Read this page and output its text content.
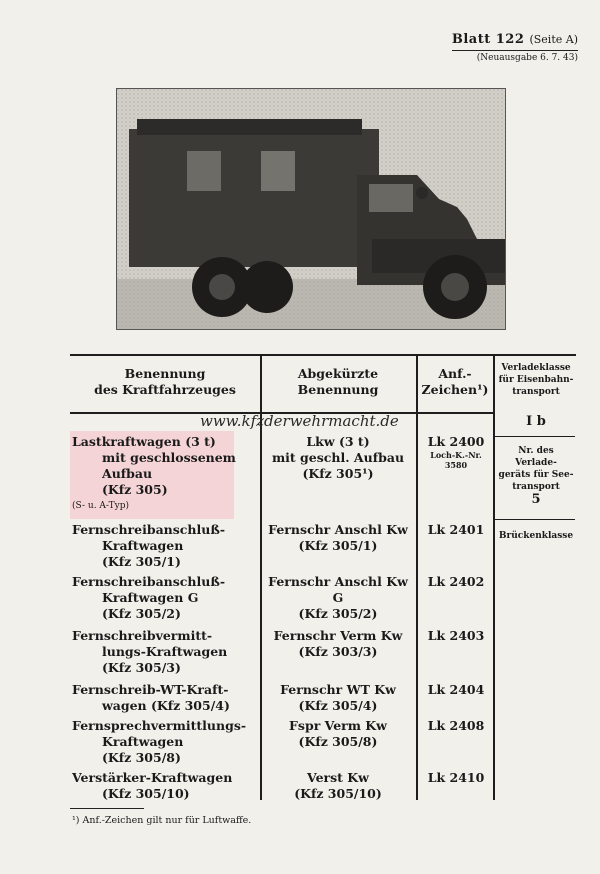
Blatt 122 (Seite A)
(Neuausgabe 6. 7. 43)
Benennung
des Kraftfahrzeuges
Abgekürzte
Benennung
Anf.-
Zeichen¹)
Verladeklasse
für Eisenbahn-
transport
I b
Nr. des Verlade-
geräts für See-
transport
5
Brückenklasse
www.kfzderwehrmacht.de
Lastkraftwagen (3 t)
mit geschlossenem
Aufbau
(Kfz 305)
(S- u. A-Typ)
Lkw (3 t)
mit geschl. Aufbau
(Kfz 305¹)
Lk 2400
Loch-K.-Nr. 3580
Fernschreibanschluß-
Kraftwagen
(Kfz 305/1)
Fernschr Anschl Kw
(Kfz 305/1)
Lk 2401
Fernschreibanschluß-
Kraftwagen G
(Kfz 305/2)
Fernschr Anschl Kw G
(Kfz 305/2)
Lk 2402
Fernschreibvermitt-
lungs-Kraftwagen
(Kfz 305/3)
Fernschr Verm Kw
(Kfz 303/3)
Lk 2403
Fernschreib-WT-Kraft-
wagen (Kfz 305/4)
Fernschr WT Kw
(Kfz 305/4)
Lk 2404
Fernsprechvermittlungs-
Kraftwagen
(Kfz 305/8)
Fspr Verm Kw
(Kfz 305/8)
Lk 2408
Verstärker-Kraftwagen
(Kfz 305/10)
Verst Kw
(Kfz 305/10)
Lk 2410
¹) Anf.-Zeichen gilt nur für Luftwaffe.
